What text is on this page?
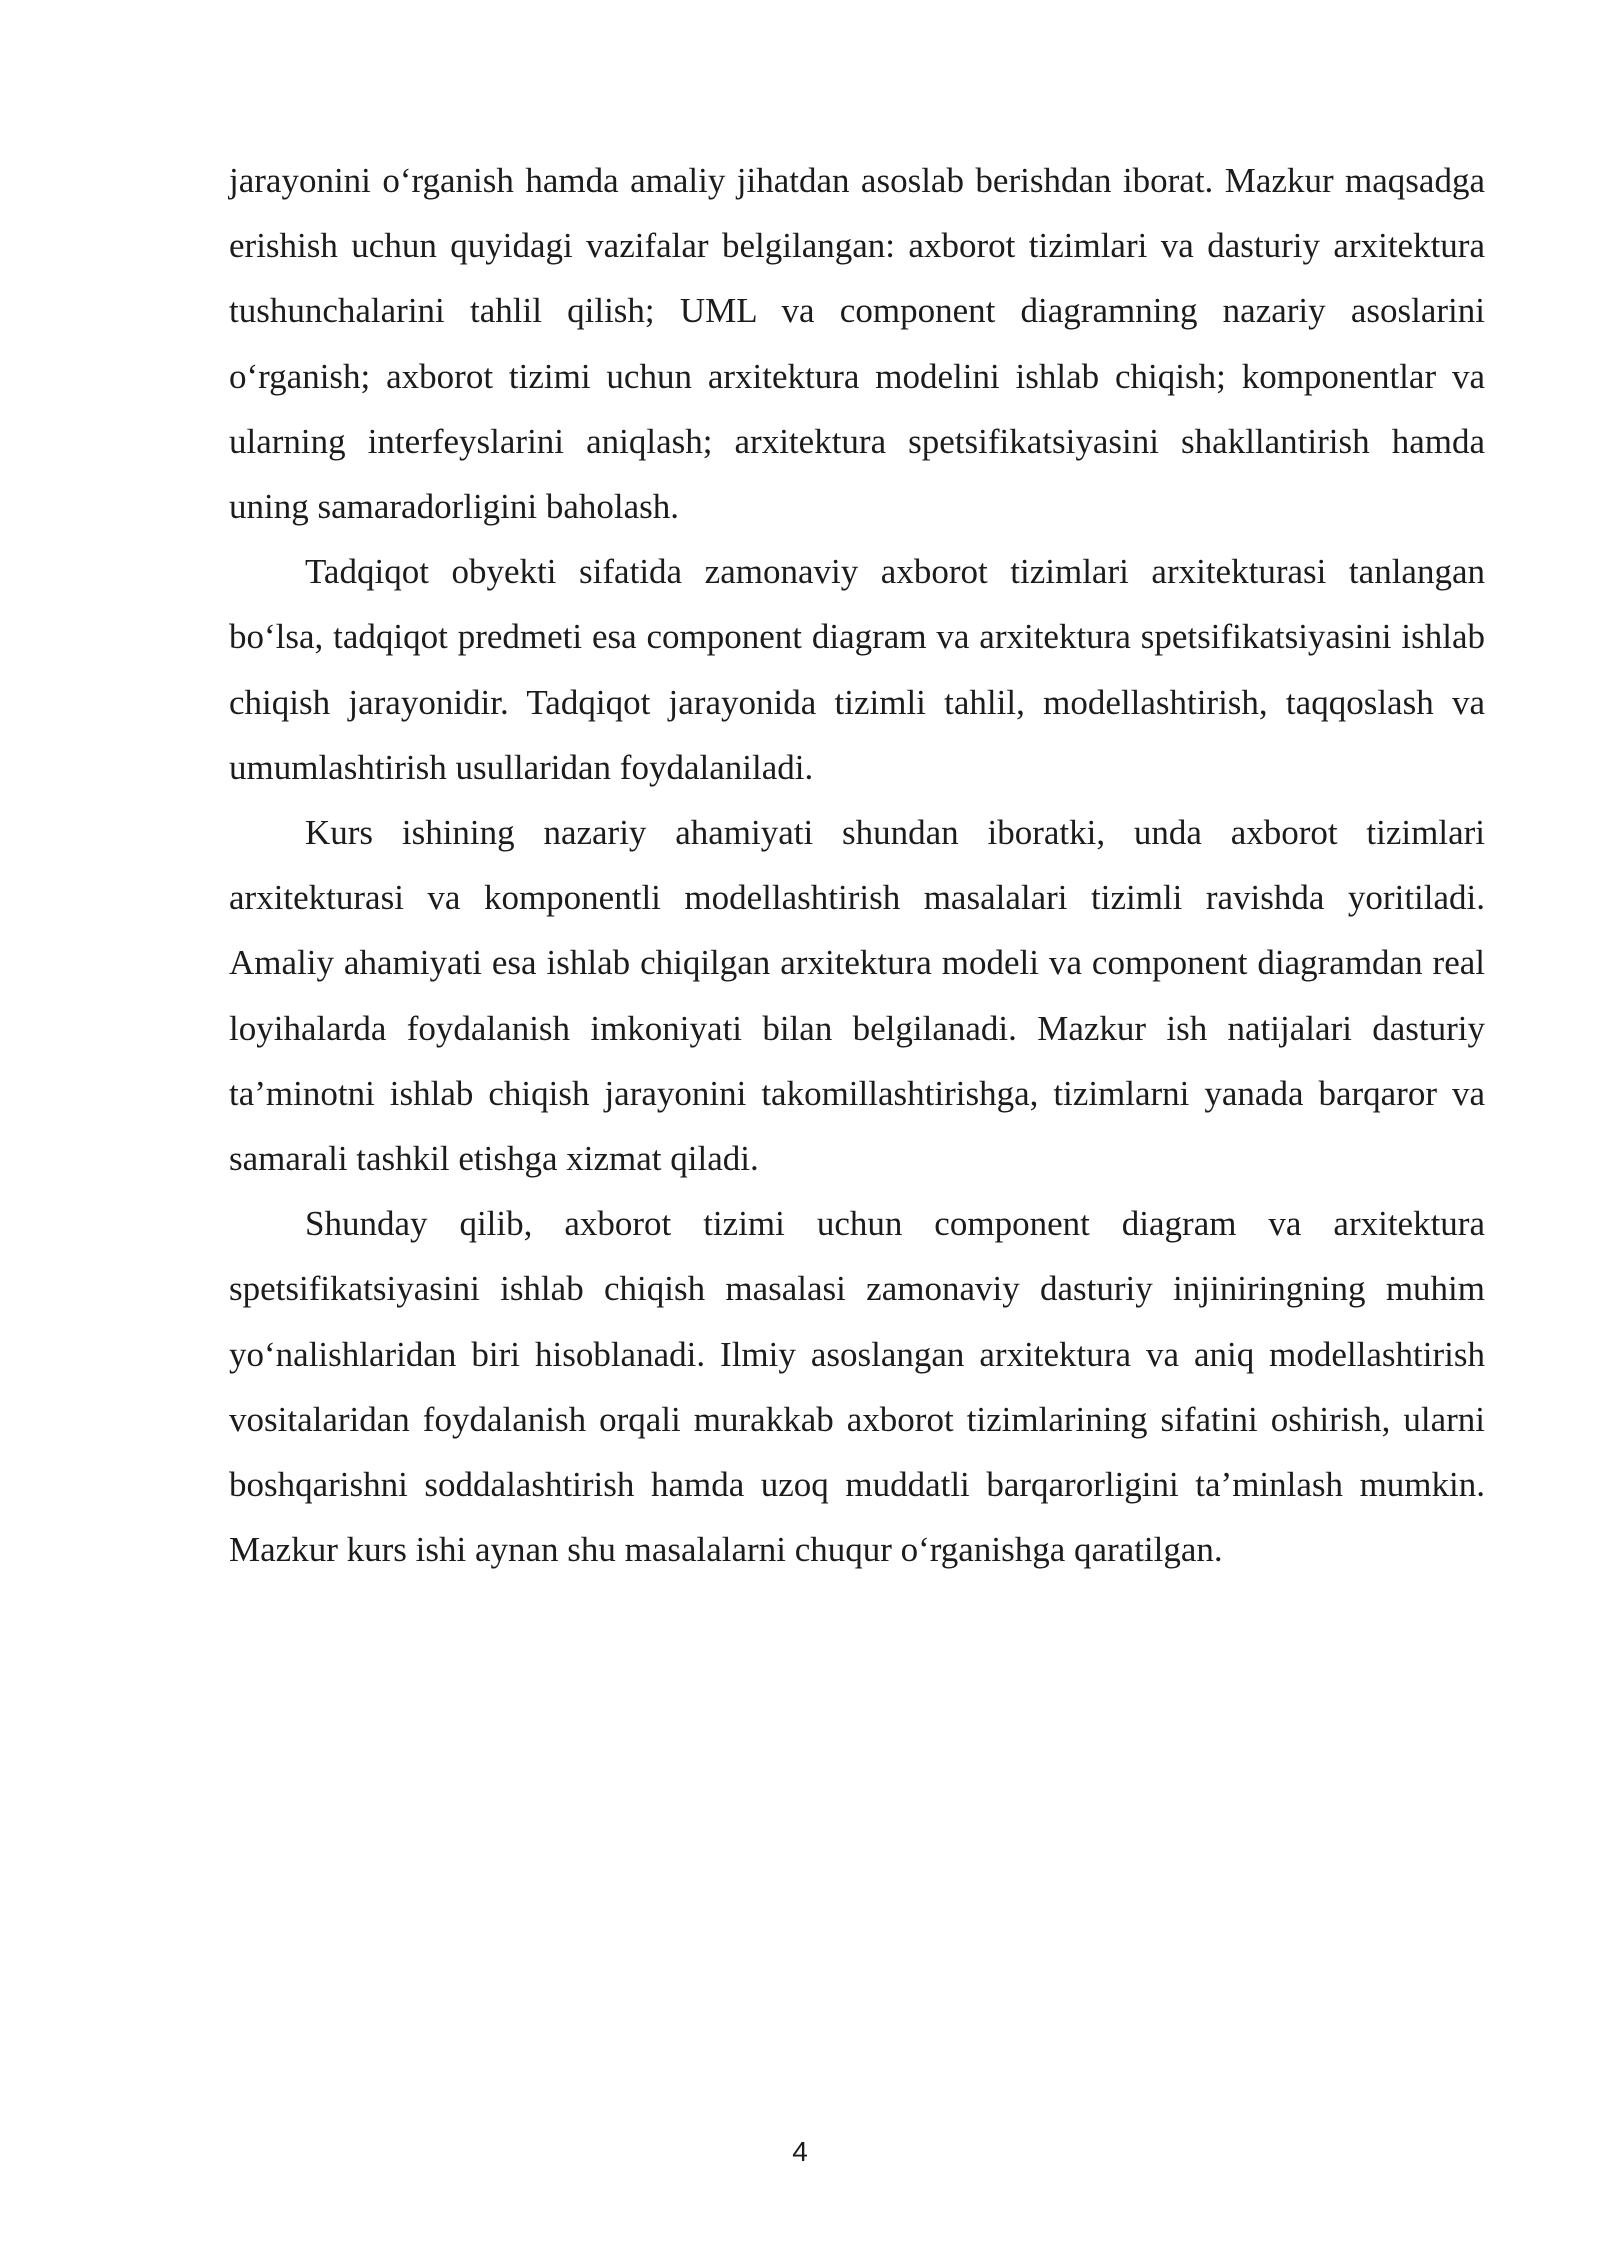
jarayonini o‘rganish hamda amaliy jihatdan asoslab berishdan iborat. Mazkur maqsadga erishish uchun quyidagi vazifalar belgilangan: axborot tizimlari va dasturiy arxitektura tushunchalarini tahlil qilish; UML va component diagramning nazariy asoslarini o‘rganish; axborot tizimi uchun arxitektura modelini ishlab chiqish; komponentlar va ularning interfeyslarini aniqlash; arxitektura spetsifikatsiyasini shakllantirish hamda uning samaradorligini baholash.

Tadqiqot obyekti sifatida zamonaviy axborot tizimlari arxitekturasi tanlangan bo‘lsa, tadqiqot predmeti esa component diagram va arxitektura spetsifikatsiyasini ishlab chiqish jarayonidir. Tadqiqot jarayonida tizimli tahlil, modellashtirish, taqqoslash va umumlashtirish usullaridan foydalaniladi.

Kurs ishining nazariy ahamiyati shundan iboratki, unda axborot tizimlari arxitekturasi va komponentli modellashtirish masalalari tizimli ravishda yoritiladi. Amaliy ahamiyati esa ishlab chiqilgan arxitektura modeli va component diagramdan real loyihalarda foydalanish imkoniyati bilan belgilanadi. Mazkur ish natijalari dasturiy ta’minotni ishlab chiqish jarayonini takomillashtirishga, tizimlarni yanada barqaror va samarali tashkil etishga xizmat qiladi.

Shunday qilib, axborot tizimi uchun component diagram va arxitektura spetsifikatsiyasini ishlab chiqish masalasi zamonaviy dasturiy injiniringning muhim yo‘nalishlaridan biri hisoblanadi. Ilmiy asoslangan arxitektura va aniq modellashtirish vositalaridan foydalanish orqali murakkab axborot tizimlarining sifatini oshirish, ularni boshqarishni soddalashtirish hamda uzoq muddatli barqarorligini ta’minlash mumkin. Mazkur kurs ishi aynan shu masalalarni chuqur o‘rganishga qaratilgan.

4
